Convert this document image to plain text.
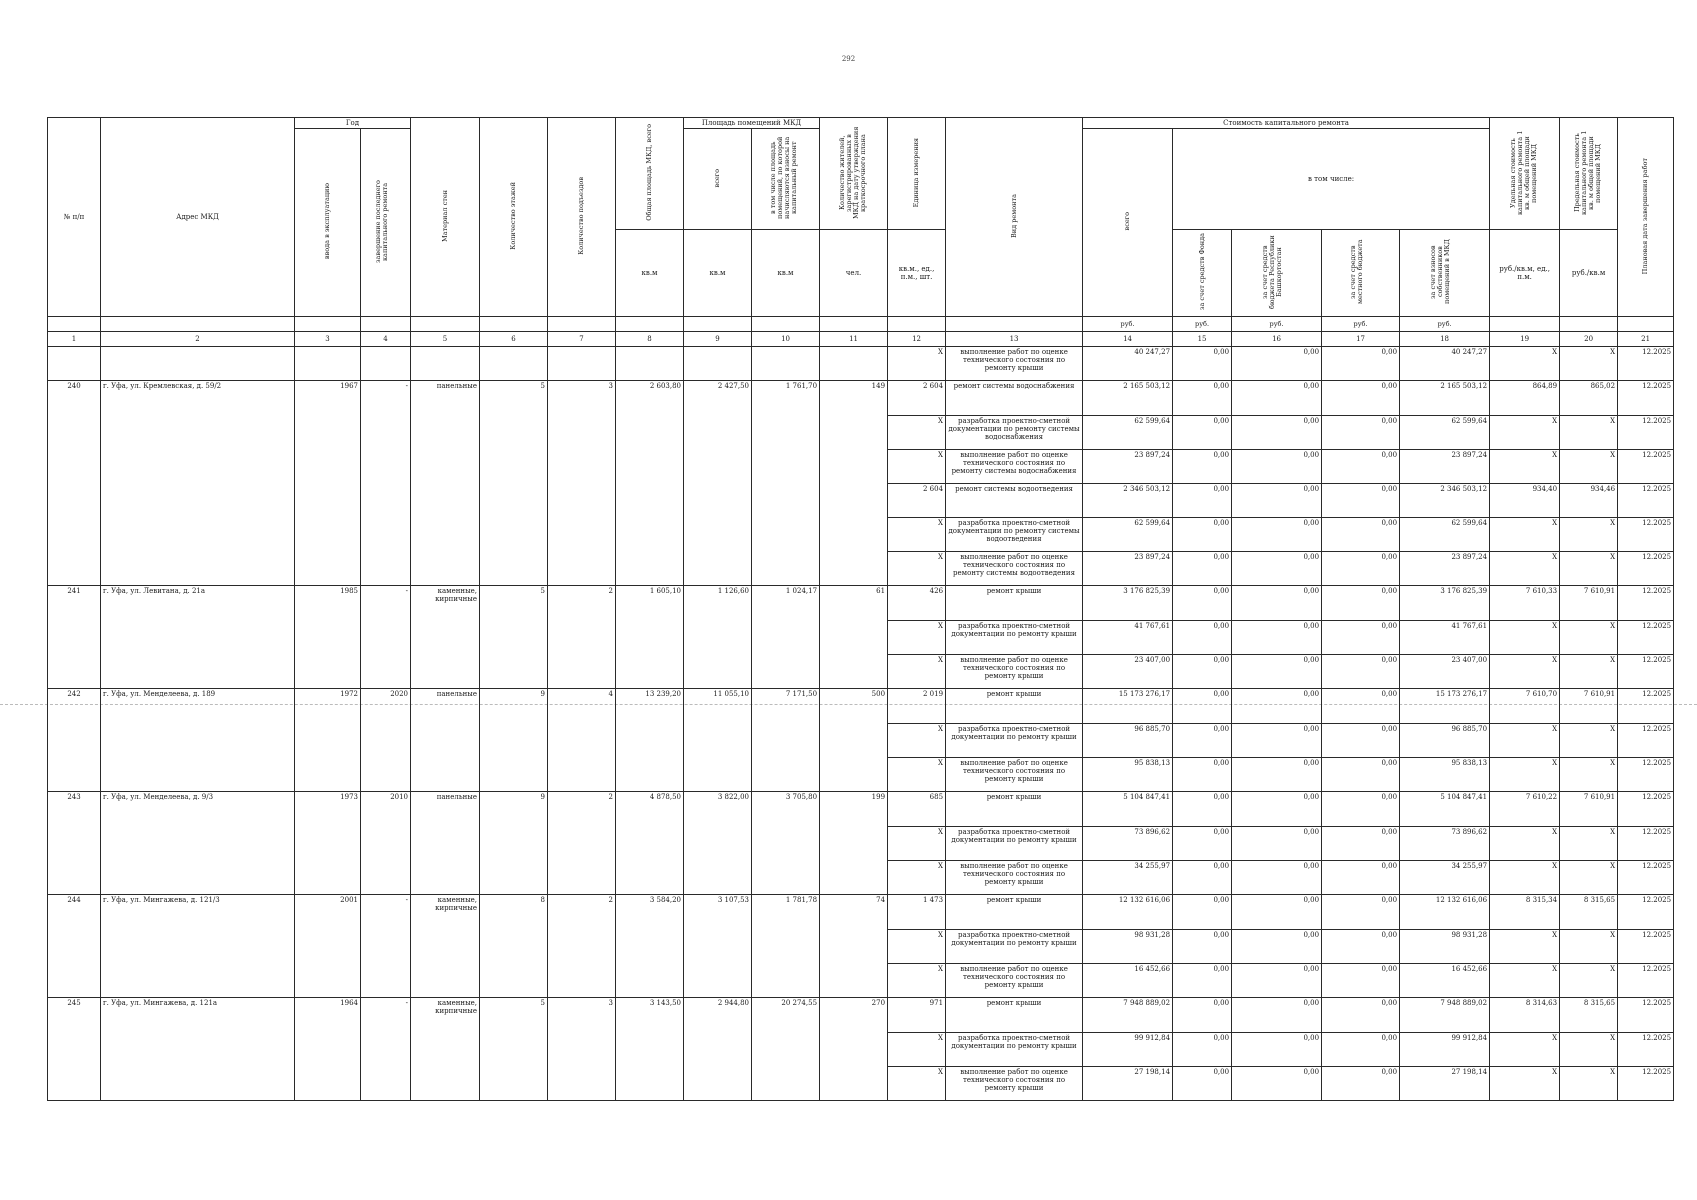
292
№ п/п	Адрес МКД	Год		Материал стен	Количество этажей	Количество подъездов	Общая площадь МКД, всего	Площадь помещений МКД		Количество жителей, зарегистрированных в МКД на дату утверждения краткосрочного плана	Единица измерения	Вид ремонта	Стоимость капитального ремонта					Удельная стоимость капитального ремонта 1 кв. м общей площади помещений МКД	Предельная стоимость капитального ремонта 1 кв. м общей площади помещений МКД	Плановая дата завершения работ
		ввода в эксплуатацию	завершение последнего капитального ремонта					всего	в том числе площадь помещений, по которой начисляются взносы на капитальный ремонт				всего	в том числе:						
							кв.м	кв.м	кв.м	чел.	кв.м., ед., п.м., шт.			за счет средств Фонда	за счет средств бюджета Республики Башкортостан	за счет средств местного бюджета	за счет взносов собственников помещений в МКД	руб./кв.м, ед., п.м.	руб./кв.м	
													руб.	руб.	руб.	руб.	руб.			
1	2	3	4	5	6	7	8	9	10	11	12	13	14	15	16	17	18	19	20	21
											X	выполнение работ по оценке технического состояния по ремонту крыши	40 247,27	0,00	0,00	0,00	40 247,27	X	X	12.2025
240	г. Уфа, ул. Кремлевская, д. 59/2	1967	-	панельные	5	3	2 603,80	2 427,50	1 761,70	149	2 604	ремонт системы водоснабжения	2 165 503,12	0,00	0,00	0,00	2 165 503,12	864,89	865,02	12.2025
											X	разработка проектно-сметной документации по ремонту системы водоснабжения	62 599,64	0,00	0,00	0,00	62 599,64	X	X	12.2025
											X	выполнение работ по оценке технического состояния по ремонту системы водоснабжения	23 897,24	0,00	0,00	0,00	23 897,24	X	X	12.2025
											2 604	ремонт системы водоотведения	2 346 503,12	0,00	0,00	0,00	2 346 503,12	934,40	934,46	12.2025
											X	разработка проектно-сметной документации по ремонту системы водоотведения	62 599,64	0,00	0,00	0,00	62 599,64	X	X	12.2025
											X	выполнение работ по оценке технического состояния по ремонту системы водоотведения	23 897,24	0,00	0,00	0,00	23 897,24	X	X	12.2025
241	г. Уфа, ул. Левитана, д. 21а	1985	-	каменные, кирпичные	5	2	1 605,10	1 126,60	1 024,17	61	426	ремонт крыши	3 176 825,39	0,00	0,00	0,00	3 176 825,39	7 610,33	7 610,91	12.2025
											X	разработка проектно-сметной документации по ремонту крыши	41 767,61	0,00	0,00	0,00	41 767,61	X	X	12.2025
											X	выполнение работ по оценке технического состояния по ремонту крыши	23 407,00	0,00	0,00	0,00	23 407,00	X	X	12.2025
242	г. Уфа, ул. Менделеева, д. 189	1972	2020	панельные	9	4	13 239,20	11 055,10	7 171,50	500	2 019	ремонт крыши	15 173 276,17	0,00	0,00	0,00	15 173 276,17	7 610,70	7 610,91	12.2025
											X	разработка проектно-сметной документации по ремонту крыши	96 885,70	0,00	0,00	0,00	96 885,70	X	X	12.2025
											X	выполнение работ по оценке технического состояния по ремонту крыши	95 838,13	0,00	0,00	0,00	95 838,13	X	X	12.2025
243	г. Уфа, ул. Менделеева, д. 9/3	1973	2010	панельные	9	2	4 878,50	3 822,00	3 705,80	199	685	ремонт крыши	5 104 847,41	0,00	0,00	0,00	5 104 847,41	7 610,22	7 610,91	12.2025
											X	разработка проектно-сметной документации по ремонту крыши	73 896,62	0,00	0,00	0,00	73 896,62	X	X	12.2025
											X	выполнение работ по оценке технического состояния по ремонту крыши	34 255,97	0,00	0,00	0,00	34 255,97	X	X	12.2025
244	г. Уфа, ул. Мингажева, д. 121/3	2001	-	каменные, кирпичные	8	2	3 584,20	3 107,53	1 781,78	74	1 473	ремонт крыши	12 132 616,06	0,00	0,00	0,00	12 132 616,06	8 315,34	8 315,65	12.2025
											X	разработка проектно-сметной документации по ремонту крыши	98 931,28	0,00	0,00	0,00	98 931,28	X	X	12.2025
											X	выполнение работ по оценке технического состояния по ремонту крыши	16 452,66	0,00	0,00	0,00	16 452,66	X	X	12.2025
245	г. Уфа, ул. Мингажева, д. 121а	1964	-	каменные, кирпичные	5	3	3 143,50	2 944,80	20 274,55	270	971	ремонт крыши	7 948 889,02	0,00	0,00	0,00	7 948 889,02	8 314,63	8 315,65	12.2025
											X	разработка проектно-сметной документации по ремонту крыши	99 912,84	0,00	0,00	0,00	99 912,84	X	X	12.2025
											X	выполнение работ по оценке технического состояния по ремонту крыши	27 198,14	0,00	0,00	0,00	27 198,14	X	X	12.2025
